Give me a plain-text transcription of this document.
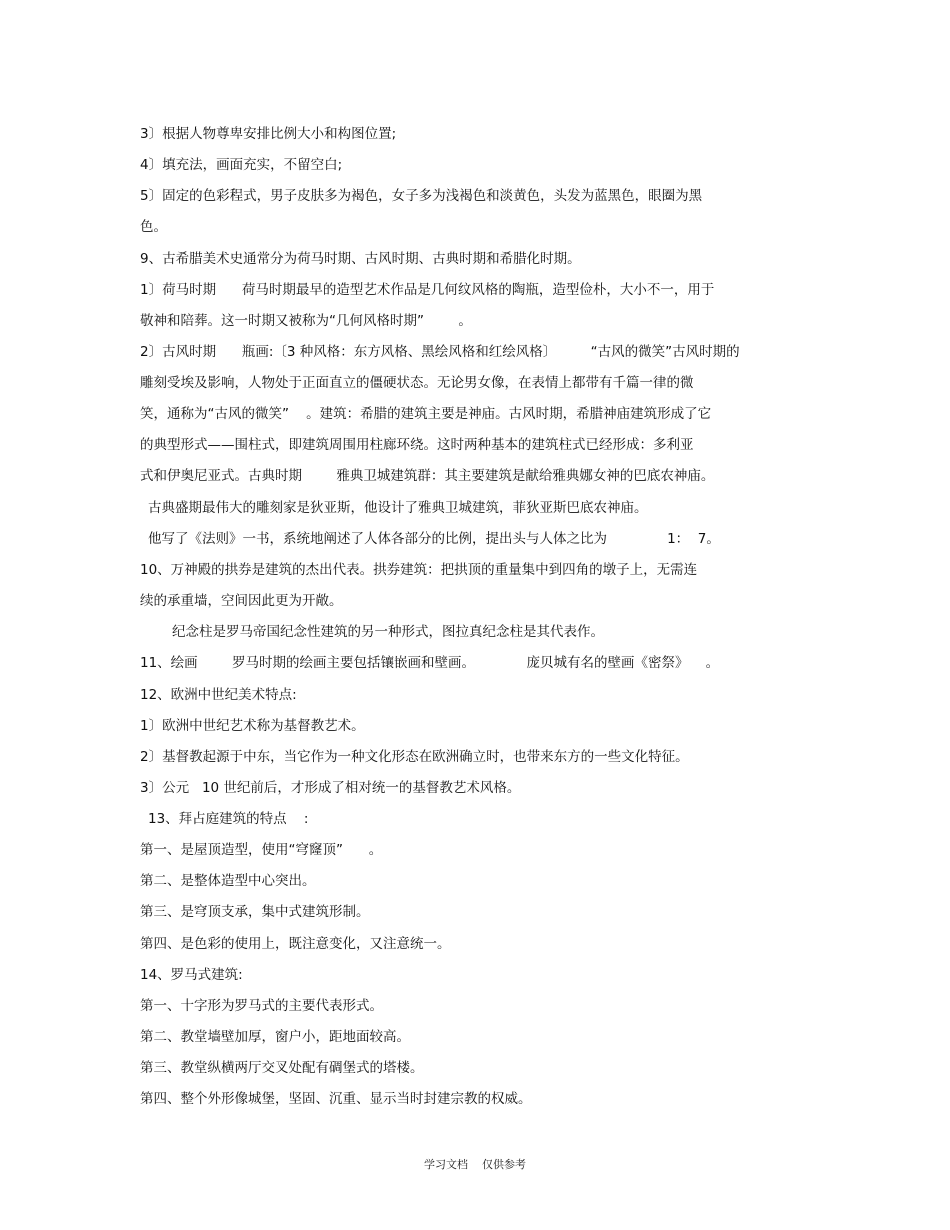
3〕根据人物尊卑安排比例大小和构图位置;
4〕填充法，画面充实，不留空白;
5〕固定的色彩程式，男子皮肤多为褐色，女子多为浅褐色和淡黄色，头发为蓝黑色，眼圈为黑
色。
9、古希腊美术史通常分为荷马时期、古风时期、古典时期和希腊化时期。
1〕荷马时期      荷马时期最早的造型艺术作品是几何纹风格的陶瓶，造型俭朴，大小不一，用于
敬神和陪葬。这一时期又被称为“几何风格时期”        。
2〕古风时期      瓶画:〔3 种风格：东方风格、黑绘风格和红绘风格〕        “古风的微笑”古风时期的
雕刻受埃及影响，人物处于正面直立的僵硬状态。无论男女像，在表情上都带有千篇一律的微
笑，通称为“古风的微笑”    。建筑：希腊的建筑主要是神庙。古风时期，希腊神庙建筑形成了它
的典型形式——围柱式，即建筑周围用柱廊环绕。这时两种基本的建筑柱式已经形成：多利亚
式和伊奥尼亚式。古典时期        雅典卫城建筑群：其主要建筑是献给雅典娜女神的巴底农神庙。
古典盛期最伟大的雕刻家是狄亚斯，他设计了雅典卫城建筑，菲狄亚斯巴底农神庙。
他写了《法则》一书，系统地阐述了人体各部分的比例，提出头与人体之比为              1：  7。
10、万神殿的拱券是建筑的杰出代表。拱券建筑：把拱顶的重量集中到四角的墩子上，无需连
续的承重墙，空间因此更为开敞。
纪念柱是罗马帝国纪念性建筑的另一种形式，图拉真纪念柱是其代表作。
11、绘画        罗马时期的绘画主要包括镶嵌画和壁画。            庞贝城有名的壁画《密祭》    。
12、欧洲中世纪美术特点:
1〕欧洲中世纪艺术称为基督教艺术。
2〕基督教起源于中东，当它作为一种文化形态在欧洲确立时，也带来东方的一些文化特征。
3〕公元   10 世纪前后，才形成了相对统一的基督教艺术风格。
13、拜占庭建筑的特点    :
第一、是屋顶造型，使用“穹窿顶”      。
第二、是整体造型中心突出。
第三、是穹顶支承，集中式建筑形制。
第四、是色彩的使用上，既注意变化，又注意统一。
14、罗马式建筑:
第一、十字形为罗马式的主要代表形式。
第二、教堂墙壁加厚，窗户小，距地面较高。
第三、教堂纵横两厅交叉处配有碉堡式的塔楼。
第四、整个外形像城堡，坚固、沉重、显示当时封建宗教的权威。
学习文档    仅供参考
